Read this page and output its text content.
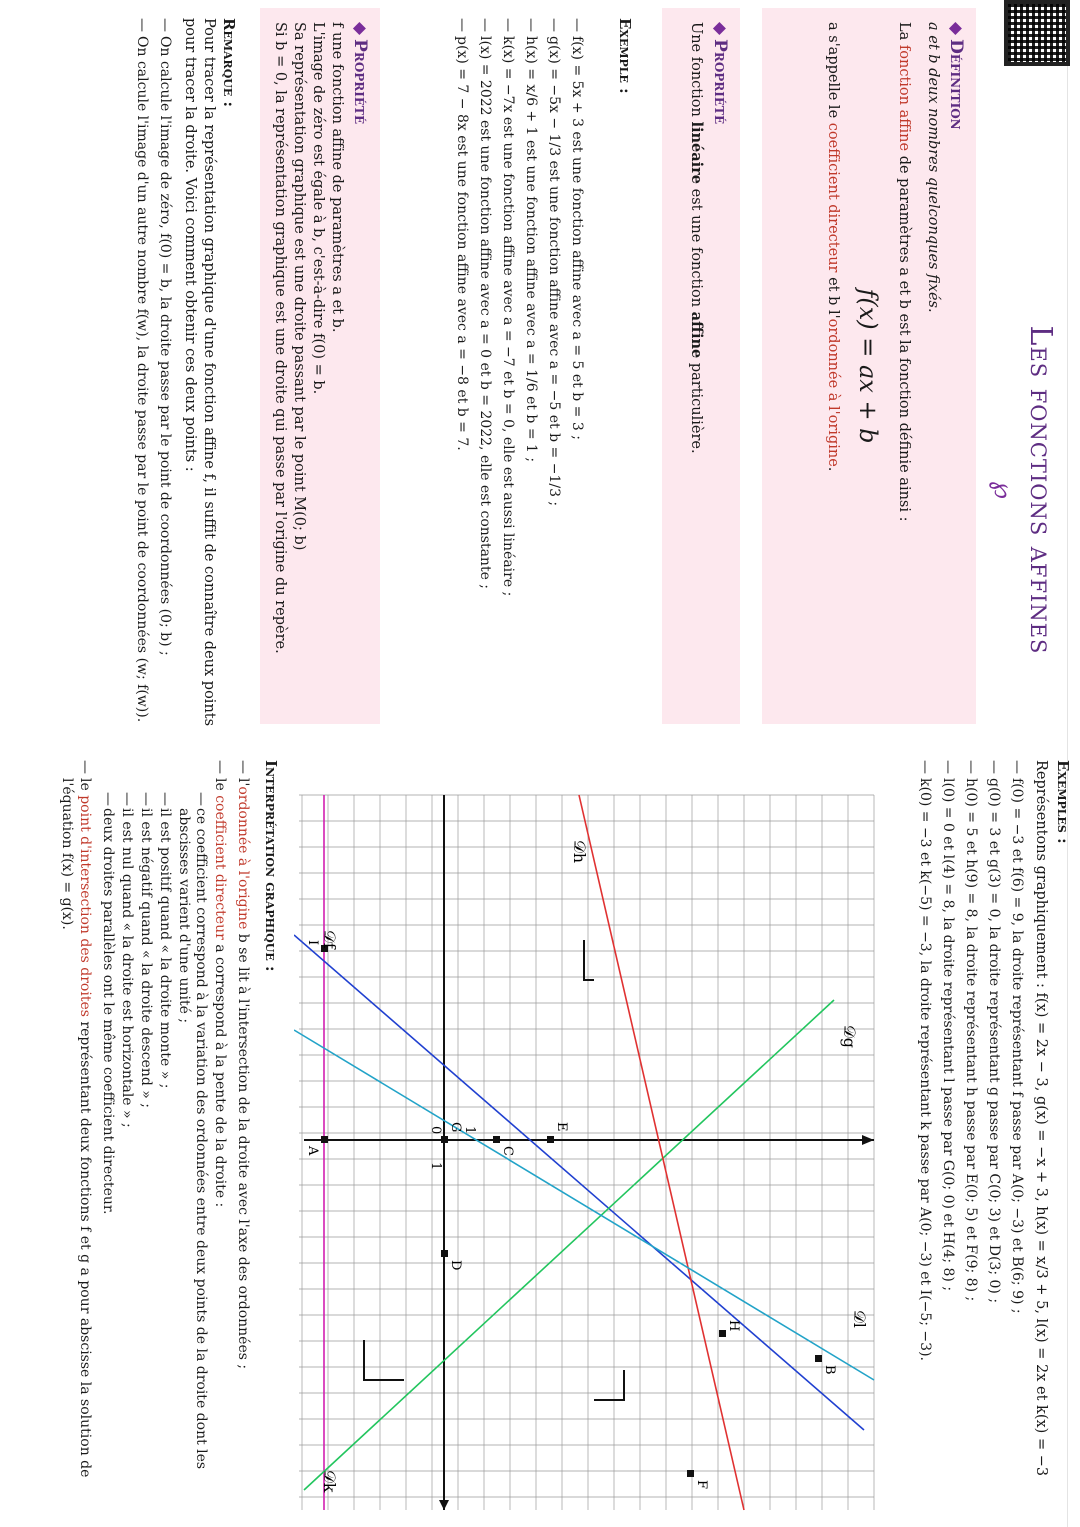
Les fonctions affines
℘
◆Définition
a et b deux nombres quelconques fixés.
La fonction affine de paramètres a et b est la fonction définie ainsi :
f(x) = ax + b
a s'appelle le coefficient directeur et b l'ordonnée à l'origine.
◆Propriété
Une fonction linéaire est une fonction affine particulière.
Exemple :
— f(x) = 5x + 3 est une fonction affine avec a = 5 et b = 3 ;
— g(x) = −5x − 1/3 est une fonction affine avec a = −5 et b = −1/3 ;
— h(x) = x/6 + 1 est une fonction affine avec a = 1/6 et b = 1 ;
— k(x) = −7x est une fonction affine avec a = −7 et b = 0, elle est aussi linéaire ;
— l(x) = 2022 est une fonction affine avec a = 0 et b = 2022, elle est constante ;
— p(x) = 7 − 8x est une fonction affine avec a = −8 et b = 7.
◆Propriété
f une fonction affine de paramètres a et b.
L'image de zéro est égale à b, c'est-à-dire f(0) = b.
Sa représentation graphique est une droite passant par le point M(0; b)
Si b = 0, la représentation graphique est une droite qui passe par l'origine du repère.
Remarque :
Pour tracer la représentation graphique d'une fonction affine f, il suffit de connaître deux points pour tracer la droite. Voici comment obtenir ces deux points :
— On calcule l'image de zéro, f(0) = b, la droite passe par le point de coordonnées (0; b) ;
— On calcule l'image d'un autre nombre f(w), la droite passe par le point de coordonnées (w; f(w)).
Exemples :
Représentons graphiquement : f(x) = 2x − 3, g(x) = −x + 3, h(x) = x/3 + 5, l(x) = 2x et k(x) = −3
— f(0) = −3 et f(6) = 9, la droite représentant f passe par A(0; −3) et B(6; 9) ;
— g(0) = 3 et g(3) = 0, la droite représentant g passe par C(0; 3) et D(3; 0) ;
— h(0) = 5 et h(9) = 8, la droite représentant h passe par E(0; 5) et F(9; 8) ;
— l(0) = 0 et l(4) = 8, la droite représentant l passe par G(0; 0) et H(4; 8) ;
— k(0) = −3 et k(−5) = −3, la droite représentant k passe par A(0; −3) et I(−5; −3).
A
B
C
D
E
F
G
H
I
0
1
1
𝒟g
𝒟h
𝒟f
𝒟l
𝒟k
Interprétation graphique :
— l'ordonnée à l'origine b se lit à l'intersection de la droite avec l'axe des ordonnées ;
— le coefficient directeur a correspond à la pente de la droite :
— ce coefficient correspond à la variation des ordonnées entre deux points de la droite dont les abscisses varient d'une unité ;
— il est positif quand « la droite monte » ;
— il est négatif quand « la droite descend » ;
— il est nul quand « la droite est horizontale » ;
— deux droites parallèles ont le même coefficient directeur.
— le point d'intersection des droites représentant deux fonctions f et g a pour abscisse la solution de l'équation f(x) = g(x).
